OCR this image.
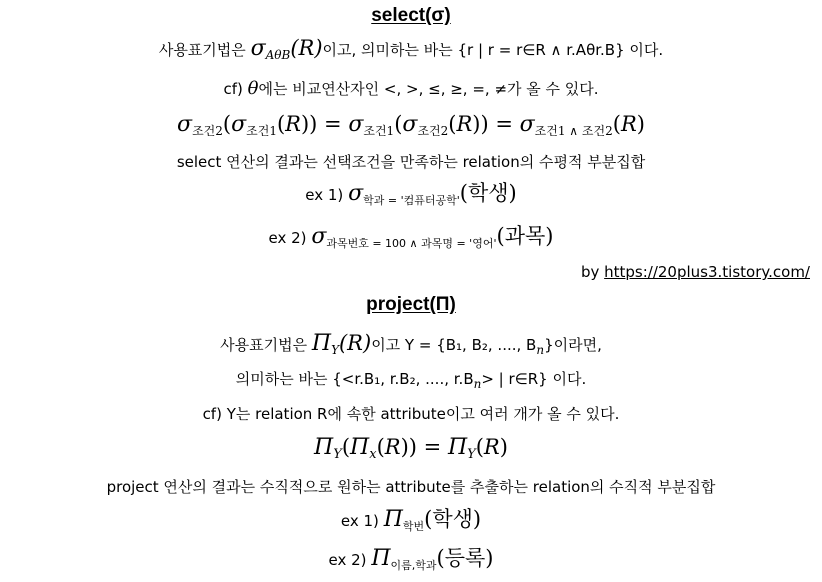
select(σ)
사용표기법은 $\sigma_{A\theta B}(R)$이고, 의미하는 바는 {r | r = r∈R ∧ r.Aθr.B} 이다.
cf) θ에는 비교연산자인 <, >, ≤, ≥, =, ≠가 올 수 있다.
σ조건2(σ조건1(R)) = σ조건1(σ조건2(R)) = σ조건1 ∧ 조건2(R)
select 연산의 결과는 선택조건을 만족하는 relation의 수평적 부분집합
ex 1) $\sigma_{학과 = '컴퓨터공학'}$(학생)
ex 2) $\sigma_{과목번호 = 100 \wedge 과목명 = '영어'}$(과목)
by https://20plus3.tistory.com/
project(Π)
사용표기법은 $\Pi_Y(R)$이고 Y = {B₁, B₂, ...., $B_n$}이라면,
의미하는 바는 {<r.B₁, r.B₂, ...., $r.B_n>$ | r∈R} 이다.
cf) Y는 relation R에 속한 attribute이고 여러 개가 올 수 있다.
ΠY(Πx(R)) = ΠY(R)
project 연산의 결과는 수직적으로 원하는 attribute를 추출하는 relation의 수직적 부분집합
ex 1) $\Pi_{학번}$(학생)
ex 2) $\Pi_{이름,학과}$(등록)
